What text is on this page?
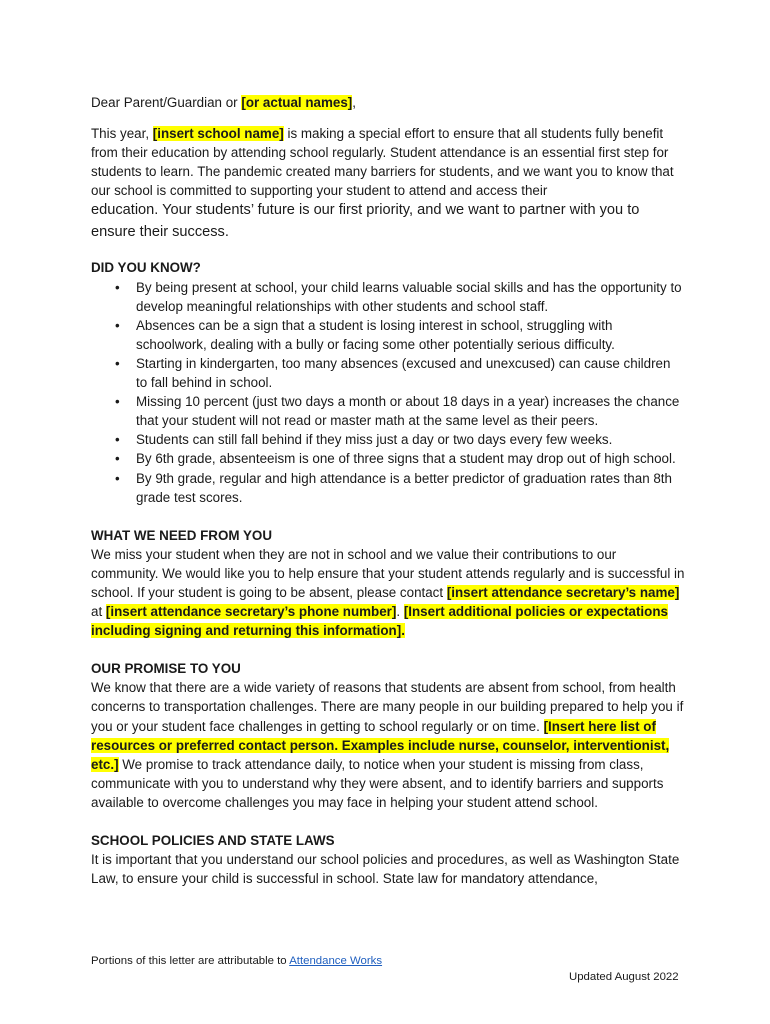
Dear Parent/Guardian or [or actual names],

This year, [insert school name] is making a special effort to ensure that all students fully benefit from their education by attending school regularly. Student attendance is an essential first step for students to learn. The pandemic created many barriers for students, and we want you to know that our school is committed to supporting your student to attend and access their

education. Your students’ future is our first priority, and we want to partner with you to ensure their success.

DID YOU KNOW?
• By being present at school, your child learns valuable social skills and has the opportunity to develop meaningful relationships with other students and school staff.
• Absences can be a sign that a student is losing interest in school, struggling with schoolwork, dealing with a bully or facing some other potentially serious difficulty.
• Starting in kindergarten, too many absences (excused and unexcused) can cause children to fall behind in school.
• Missing 10 percent (just two days a month or about 18 days in a year) increases the chance that your student will not read or master math at the same level as their peers.
• Students can still fall behind if they miss just a day or two days every few weeks.
• By 6th grade, absenteeism is one of three signs that a student may drop out of high school.
• By 9th grade, regular and high attendance is a better predictor of graduation rates than 8th grade test scores.
WHAT WE NEED FROM YOU

We miss your student when they are not in school and we value their contributions to our community. We would like you to help ensure that your student attends regularly and is successful in school. If your student is going to be absent, please contact [insert attendance secretary’s name] at [insert attendance secretary’s phone number]. [Insert additional policies or expectations including signing and returning this information].

OUR PROMISE TO YOU

We know that there are a wide variety of reasons that students are absent from school, from health concerns to transportation challenges. There are many people in our building prepared to help you if you or your student face challenges in getting to school regularly or on time. [Insert here list of resources or preferred contact person. Examples include nurse, counselor, interventionist, etc.] We promise to track attendance daily, to notice when your student is missing from class, communicate with you to understand why they were absent, and to identify barriers and supports available to overcome challenges you may face in helping your student attend school.

SCHOOL POLICIES AND STATE LAWS

It is important that you understand our school policies and procedures, as well as Washington State Law, to ensure your child is successful in school. State law for mandatory attendance,

Portions of this letter are attributable to Attendance Works
Updated August 2022
